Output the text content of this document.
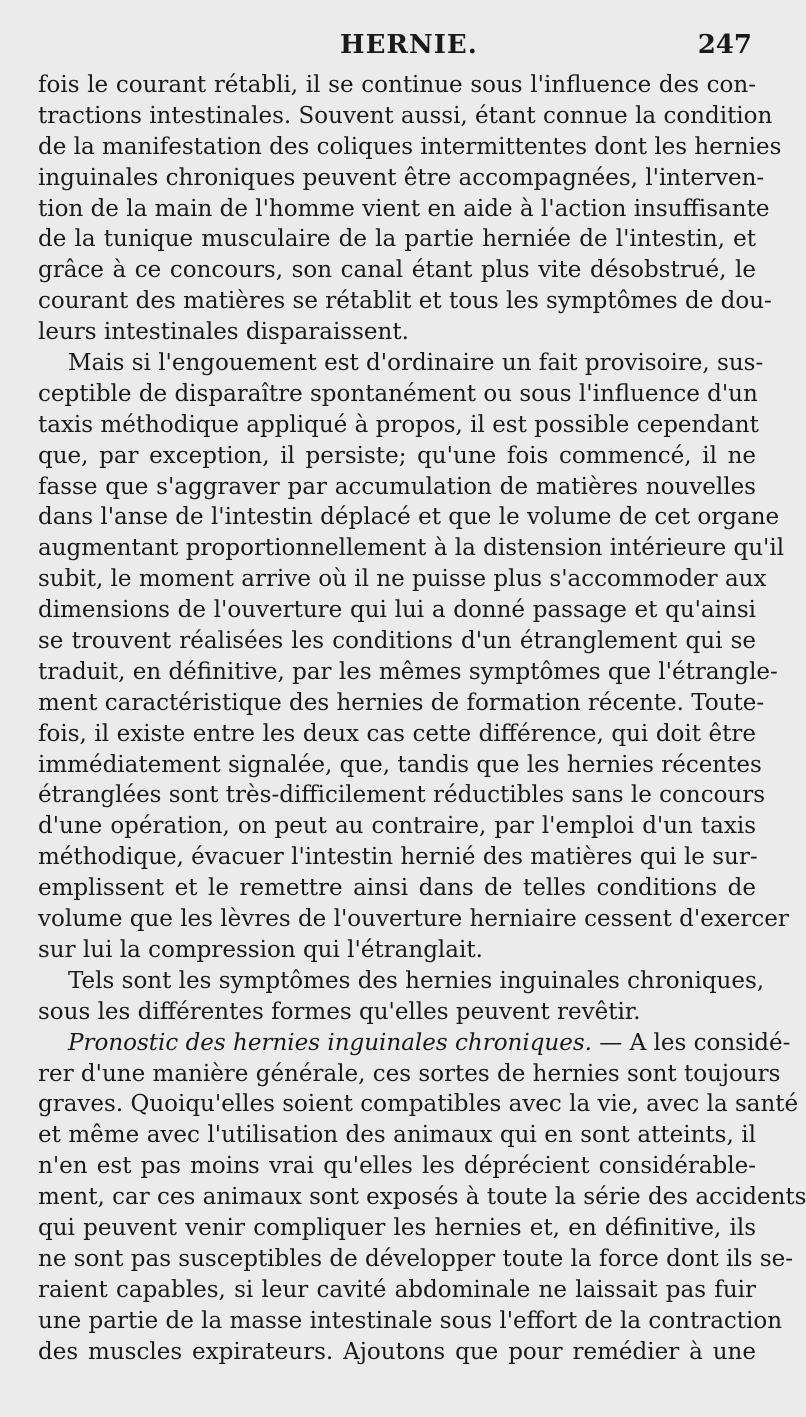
HERNIE.	247
fois le courant rétabli, il se continue sous l'influence des con-
tractions intestinales. Souvent aussi, étant connue la condition
de la manifestation des coliques intermittentes dont les hernies
inguinales chroniques peuvent être accompagnées, l'interven-
tion de la main de l'homme vient en aide à l'action insuffisante
de la tunique musculaire de la partie herniée de l'intestin, et
grâce à ce concours, son canal étant plus vite désobstrué, le
courant des matières se rétablit et tous les symptômes de dou-
leurs intestinales disparaissent.
Mais si l'engouement est d'ordinaire un fait provisoire, sus-
ceptible de disparaître spontanément ou sous l'influence d'un
taxis méthodique appliqué à propos, il est possible cependant
que, par exception, il persiste; qu'une fois commencé, il ne
fasse que s'aggraver par accumulation de matières nouvelles
dans l'anse de l'intestin déplacé et que le volume de cet organe
augmentant proportionnellement à la distension intérieure qu'il
subit, le moment arrive où il ne puisse plus s'accommoder aux
dimensions de l'ouverture qui lui a donné passage et qu'ainsi
se trouvent réalisées les conditions d'un étranglement qui se
traduit, en définitive, par les mêmes symptômes que l'étrangle-
ment caractéristique des hernies de formation récente. Toute-
fois, il existe entre les deux cas cette différence, qui doit être
immédiatement signalée, que, tandis que les hernies récentes
étranglées sont très-difficilement réductibles sans le concours
d'une opération, on peut au contraire, par l'emploi d'un taxis
méthodique, évacuer l'intestin hernié des matières qui le sur-
emplissent et le remettre ainsi dans de telles conditions de
volume que les lèvres de l'ouverture herniaire cessent d'exercer
sur lui la compression qui l'étranglait.
Tels sont les symptômes des hernies inguinales chroniques,
sous les différentes formes qu'elles peuvent revêtir.
Pronostic des hernies inguinales chroniques. — A les considé-
rer d'une manière générale, ces sortes de hernies sont toujours
graves. Quoiqu'elles soient compatibles avec la vie, avec la santé
et même avec l'utilisation des animaux qui en sont atteints, il
n'en est pas moins vrai qu'elles les déprécient considérable-
ment, car ces animaux sont exposés à toute la série des accidents
qui peuvent venir compliquer les hernies et, en définitive, ils
ne sont pas susceptibles de développer toute la force dont ils se-
raient capables, si leur cavité abdominale ne laissait pas fuir
une partie de la masse intestinale sous l'effort de la contraction
des muscles expirateurs. Ajoutons que pour remédier à une
